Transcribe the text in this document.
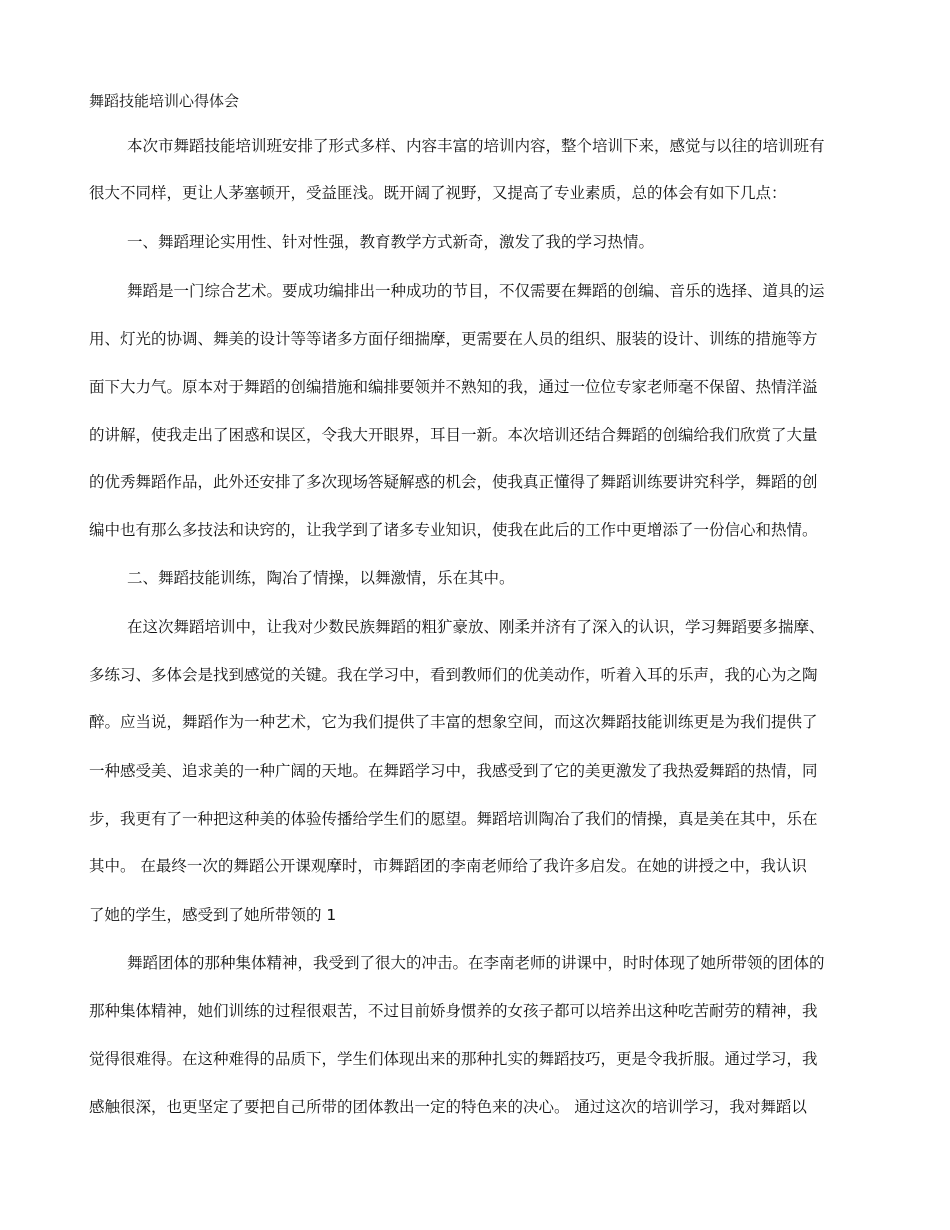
舞蹈技能培训心得体会
本次市舞蹈技能培训班安排了形式多样、内容丰富的培训内容，整个培训下来，感觉与以往的培训班有
很大不同样，更让人茅塞顿开，受益匪浅。既开阔了视野，又提高了专业素质，总的体会有如下几点：
一、舞蹈理论实用性、针对性强，教育教学方式新奇，激发了我的学习热情。
舞蹈是一门综合艺术。要成功编排出一种成功的节目，不仅需要在舞蹈的创编、音乐的选择、道具的运
用、灯光的协调、舞美的设计等等诸多方面仔细揣摩，更需要在人员的组织、服装的设计、训练的措施等方
面下大力气。原本对于舞蹈的创编措施和编排要领并不熟知的我，通过一位位专家老师毫不保留、热情洋溢
的讲解，使我走出了困惑和误区，令我大开眼界，耳目一新。本次培训还结合舞蹈的创编给我们欣赏了大量
的优秀舞蹈作品，此外还安排了多次现场答疑解惑的机会，使我真正懂得了舞蹈训练要讲究科学，舞蹈的创
编中也有那么多技法和诀窍的，让我学到了诸多专业知识，使我在此后的工作中更增添了一份信心和热情。
二、舞蹈技能训练，陶冶了情操，以舞激情，乐在其中。
在这次舞蹈培训中，让我对少数民族舞蹈的粗犷豪放、刚柔并济有了深入的认识，学习舞蹈要多揣摩、
多练习、多体会是找到感觉的关键。我在学习中，看到教师们的优美动作，听着入耳的乐声，我的心为之陶
醉。应当说，舞蹈作为一种艺术，它为我们提供了丰富的想象空间，而这次舞蹈技能训练更是为我们提供了
一种感受美、追求美的一种广阔的天地。在舞蹈学习中，我感受到了它的美更激发了我热爱舞蹈的热情，同
步，我更有了一种把这种美的体验传播给学生们的愿望。舞蹈培训陶冶了我们的情操，真是美在其中，乐在
其中。 在最终一次的舞蹈公开课观摩时，市舞蹈团的李南老师给了我许多启发。在她的讲授之中，我认识
了她的学生，感受到了她所带领的 1
舞蹈团体的那种集体精神，我受到了很大的冲击。在李南老师的讲课中，时时体现了她所带领的团体的
那种集体精神，她们训练的过程很艰苦，不过目前娇身惯养的女孩子都可以培养出这种吃苦耐劳的精神，我
觉得很难得。在这种难得的品质下，学生们体现出来的那种扎实的舞蹈技巧，更是令我折服。通过学习，我
感触很深，也更坚定了要把自己所带的团体教出一定的特色来的决心。 通过这次的培训学习，我对舞蹈以
